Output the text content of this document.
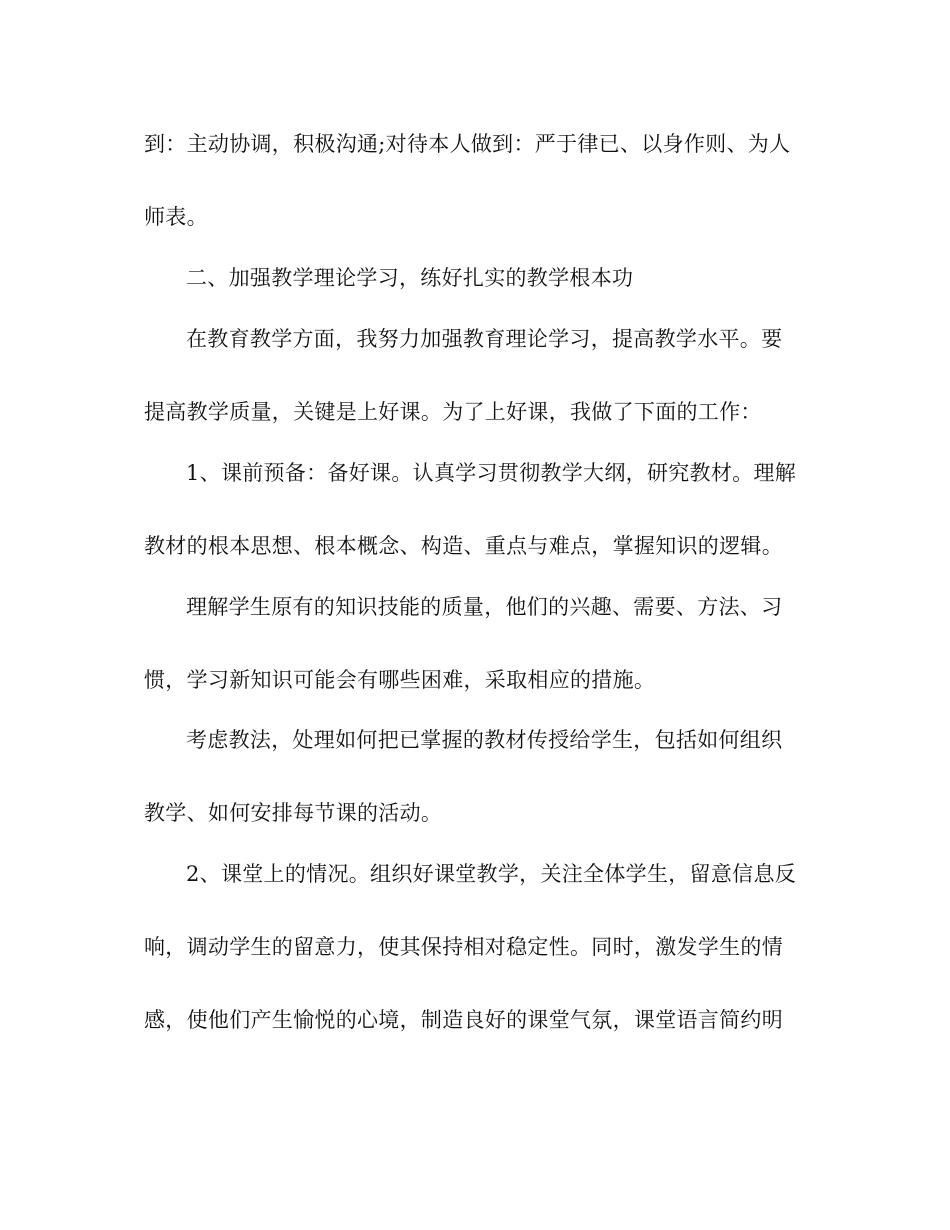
到：主动协调，积极沟通;对待本人做到：严于律已、以身作则、为人
师表。
二、加强教学理论学习，练好扎实的教学根本功
在教育教学方面，我努力加强教育理论学习，提高教学水平。要
提高教学质量，关键是上好课。为了上好课，我做了下面的工作：
1、课前预备：备好课。认真学习贯彻教学大纲，研究教材。理解
教材的根本思想、根本概念、构造、重点与难点，掌握知识的逻辑。
理解学生原有的知识技能的质量，他们的兴趣、需要、方法、习
惯，学习新知识可能会有哪些困难，采取相应的措施。
考虑教法，处理如何把已掌握的教材传授给学生，包括如何组织
教学、如何安排每节课的活动。
2、课堂上的情况。组织好课堂教学，关注全体学生，留意信息反
响，调动学生的留意力，使其保持相对稳定性。同时，激发学生的情
感，使他们产生愉悦的心境，制造良好的课堂气氛，课堂语言简约明
